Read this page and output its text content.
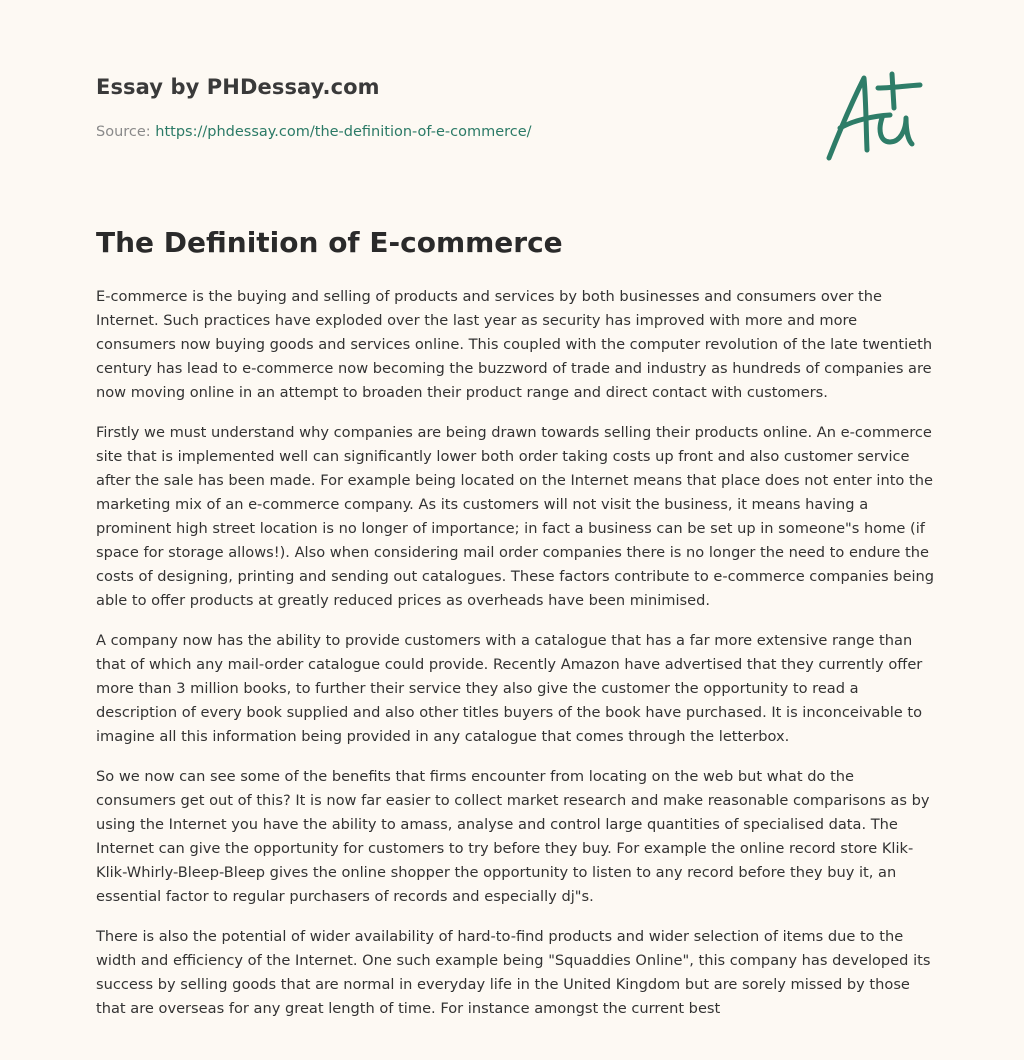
Essay by PHDessay.com
Source: https://phdessay.com/the-definition-of-e-commerce/
The Definition of E-commerce

E-commerce is the buying and selling of products and services by both businesses and consumers over the Internet. Such practices have exploded over the last year as security has improved with more and more consumers now buying goods and services online. This coupled with the computer revolution of the late twentieth century has lead to e-commerce now becoming the buzzword of trade and industry as hundreds of companies are now moving online in an attempt to broaden their product range and direct contact with customers.

Firstly we must understand why companies are being drawn towards selling their products online. An e-commerce site that is implemented well can significantly lower both order taking costs up front and also customer service after the sale has been made. For example being located on the Internet means that place does not enter into the marketing mix of an e-commerce company. As its customers will not visit the business, it means having a prominent high street location is no longer of importance; in fact a business can be set up in someone"s home (if space for storage allows!). Also when considering mail order companies there is no longer the need to endure the costs of designing, printing and sending out catalogues. These factors contribute to e-commerce companies being able to offer products at greatly reduced prices as overheads have been minimised.

A company now has the ability to provide customers with a catalogue that has a far more extensive range than that of which any mail-order catalogue could provide. Recently Amazon have advertised that they currently offer more than 3 million books, to further their service they also give the customer the opportunity to read a description of every book supplied and also other titles buyers of the book have purchased. It is inconceivable to imagine all this information being provided in any catalogue that comes through the letterbox.

So we now can see some of the benefits that firms encounter from locating on the web but what do the consumers get out of this? It is now far easier to collect market research and make reasonable comparisons as by using the Internet you have the ability to amass, analyse and control large quantities of specialised data. The Internet can give the opportunity for customers to try before they buy. For example the online record store Klik-Klik-Whirly-Bleep-Bleep gives the online shopper the opportunity to listen to any record before they buy it, an essential factor to regular purchasers of records and especially dj"s.

There is also the potential of wider availability of hard-to-find products and wider selection of items due to the width and efficiency of the Internet. One such example being "Squaddies Online", this company has developed its success by selling goods that are normal in everyday life in the United Kingdom but are sorely missed by those that are overseas for any great length of time. For instance amongst the current best
